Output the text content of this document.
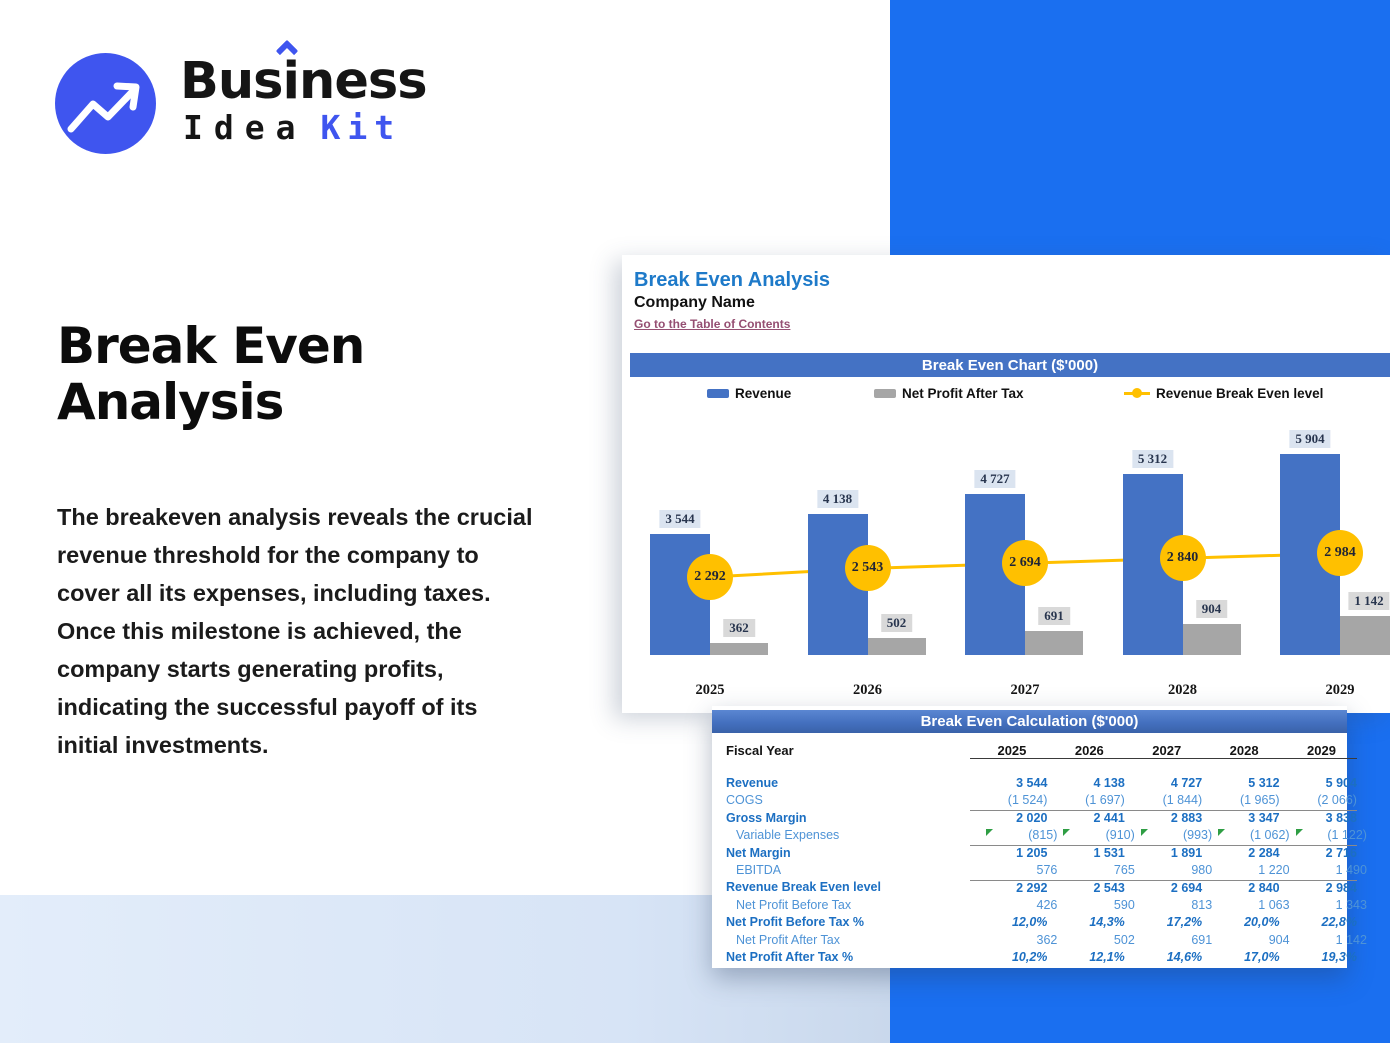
Bus
iness
Idea Kit
Break Even
Analysis
The breakeven analysis reveals the crucial revenue threshold for the company to cover all its expenses, including taxes. Once this milestone is achieved, the company starts generating profits, indicating the successful payoff of its initial investments.
3 544
362
2 292
2025
4 138
502
2 543
2026
4 727
691
2 694
2027
5 312
904
2 840
2028
5 904
1 142
2 984
2029
Break Even Analysis
Company Name
Go to the Table of Contents
Break Even Chart ($'000)
Revenue	Net Profit After Tax	Revenue Break Even level
Break Even Calculation ($'000)
Fiscal Year	2025	2026	2027	2028	2029
Revenue	3 544	4 138	4 727	5 312	5 904
COGS	(1 524)	(1 697)	(1 844)	(1 965)	(2 066)
Gross Margin	2 020	2 441	2 883	3 347	3 838
Variable Expenses	(815)	(910)	(993)	(1 062)	(1 122)
Net Margin	1 205	1 531	1 891	2 284	2 716
EBITDA	576	765	980	1 220	1 490
Revenue Break Even level	2 292	2 543	2 694	2 840	2 984
Net Profit Before Tax	426	590	813	1 063	1 343
Net Profit Before Tax %	12,0%	14,3%	17,2%	20,0%	22,8%
Net Profit After Tax	362	502	691	904	1 142
Net Profit After Tax %	10,2%	12,1%	14,6%	17,0%	19,3%
